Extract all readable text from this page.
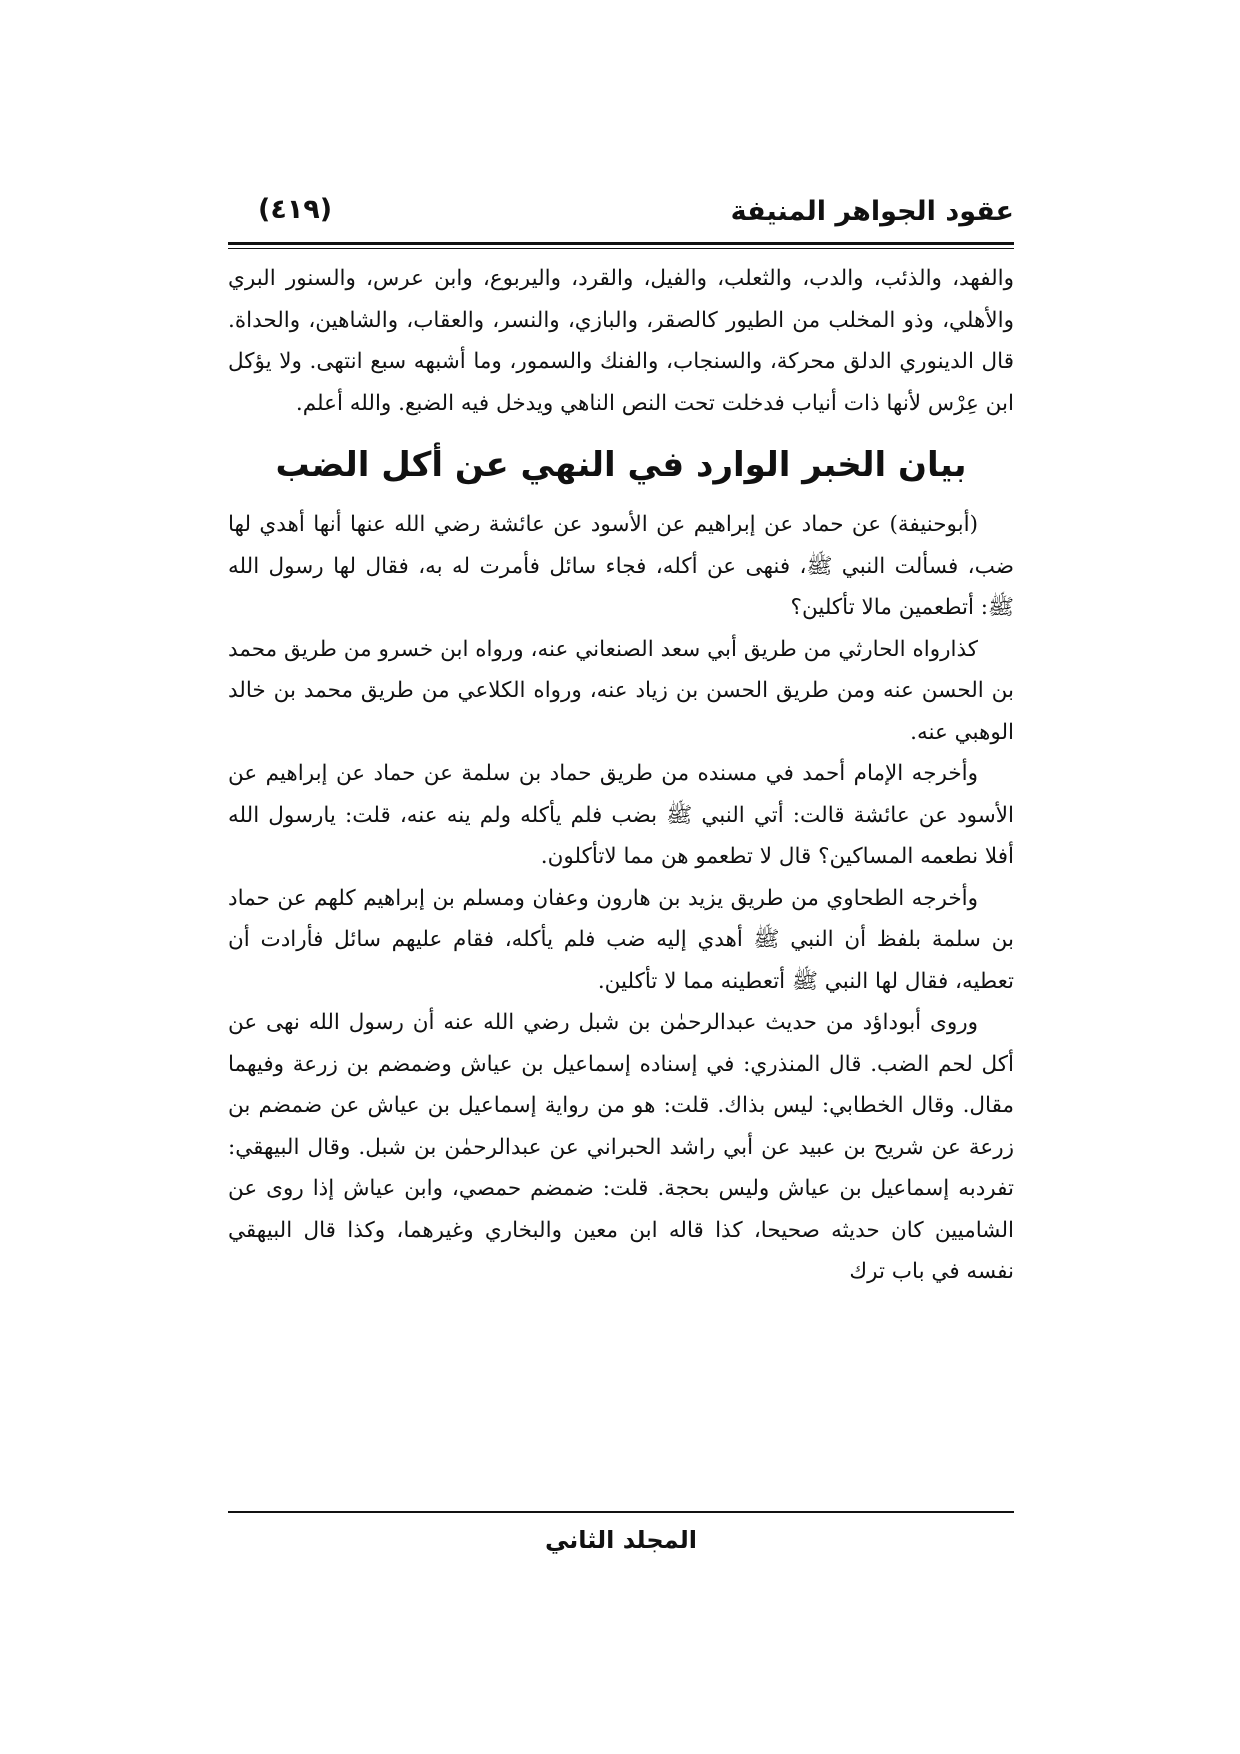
عقود الجواهر المنيفة
(٤١٩)

والفهد، والذئب، والدب، والثعلب، والفيل، والقرد، واليربوع، وابن عرس، والسنور البري والأهلي، وذو المخلب من الطيور كالصقر، والبازي، والنسر، والعقاب، والشاهين، والحداة. قال الدينوري الدلق محركة، والسنجاب، والفنك والسمور، وما أشبهه سبع انتهى. ولا يؤكل ابن عِرْس لأنها ذات أنياب فدخلت تحت النص الناهي ويدخل فيه الضبع. والله أعلم.

بيان الخبر الوارد في النهي عن أكل الضب

(أبوحنيفة) عن حماد عن إبراهيم عن الأسود عن عائشة رضي الله عنها أنها أهدي لها ضب، فسألت النبي ﷺ، فنهى عن أكله، فجاء سائل فأمرت له به، فقال لها رسول الله ﷺ: أتطعمين مالا تأكلين؟

كذارواه الحارثي من طريق أبي سعد الصنعاني عنه، ورواه ابن خسرو من طريق محمد بن الحسن عنه ومن طريق الحسن بن زياد عنه، ورواه الكلاعي من طريق محمد بن خالد الوهبي عنه.

وأخرجه الإمام أحمد في مسنده من طريق حماد بن سلمة عن حماد عن إبراهيم عن الأسود عن عائشة قالت: أتي النبي ﷺ بضب فلم يأكله ولم ينه عنه، قلت: يارسول الله أفلا نطعمه المساكين؟ قال لا تطعمو هن مما لاتأكلون.

وأخرجه الطحاوي من طريق يزيد بن هارون وعفان ومسلم بن إبراهيم كلهم عن حماد بن سلمة بلفظ أن النبي ﷺ أهدي إليه ضب فلم يأكله، فقام عليهم سائل فأرادت أن تعطيه، فقال لها النبي ﷺ أتعطينه مما لا تأكلين.

وروى أبوداؤد من حديث عبدالرحمٰن بن شبل رضي الله عنه أن رسول الله نهى عن أكل لحم الضب. قال المنذري: في إسناده إسماعيل بن عياش وضمضم بن زرعة وفيهما مقال. وقال الخطابي: ليس بذاك. قلت: هو من رواية إسماعيل بن عياش عن ضمضم بن زرعة عن شريح بن عبيد عن أبي راشد الحبراني عن عبدالرحمٰن بن شبل. وقال البيهقي: تفردبه إسماعيل بن عياش وليس بحجة. قلت: ضمضم حمصي، وابن عياش إذا روى عن الشاميين كان حديثه صحيحا، كذا قاله ابن معين والبخاري وغيرهما، وكذا قال البيهقي نفسه في باب ترك

المجلد الثاني
